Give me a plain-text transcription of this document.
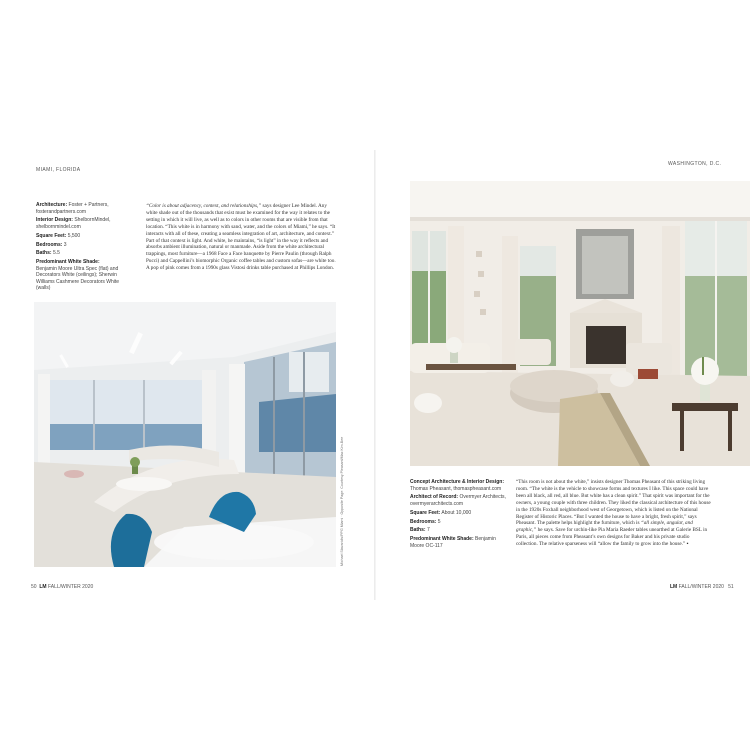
MIAMI, FLORIDA
Architecture: Foster + Partners, fosterandpartners.com
Interior Design: ShelbornMindel, shelbornmindel.com
Square Feet: 5,500
Bedrooms: 3
Baths: 5.5
Predominant White Shade: Benjamin Moore Ultra Spec (flat) and Decorators White (ceilings); Sherwin Williams Cashmere Decorators White (walls)
“Color is about adjacency, context, and relationships,” says designer Lee Mindel. Any white shade out of the thousands that exist must be examined for the way it relates to the setting in which it will live, as well as to colors in other rooms that are visible from that location. “This white is in harmony with sand, water, and the colors of Miami,” he says. “It interacts with all of these, creating a seamless integration of art, architecture, and context.” Part of that context is light. And white, he maintains, “is light” in the way it reflects and absorbs ambient illumination, natural or manmade. Aside from the white architectural trappings, most furniture—a 1968 Face a Face banquette by Pierre Paulin (through Ralph Pucci) and Cappellini’s biomorphic Organic coffee tables and custom sofas—are white too. A pop of pink comes from a 1990s glass Vistosi drinks table purchased at Phillips London.
Michael Stavaridis/PPG Miami · Opposite Page: Courtesy Pleasant/Max Kim-Bee
50 LM FALL/WINTER 2020
WASHINGTON, D.C.
Concept Architecture & Interior Design: Thomas Pheasant, thomaspheasant.com
Architect of Record: Overmyer Architects, overmyerarchitects.com
Square Feet: About 10,000
Bedrooms: 5
Baths: 7
Predominant White Shade: Benjamin Moore OC-117
“This room is not about the white,” insists designer Thomas Pheasant of this striking living room. “The white is the vehicle to showcase forms and textures I like. This space could have been all black, all red, all blue. But white has a clean spirit.” That spirit was important for the owners, a young couple with three children. They liked the classical architecture of this house in the 1920s Foxhall neighborhood west of Georgetown, which is listed on the National Register of Historic Places. “But I wanted the house to have a bright, fresh spirit,” says Pheasant. The palette helps highlight the furniture, which is “all simple, angular, and graphic,” he says. Save for urchin-like Pia Maria Raeder tables unearthed at Galerie BSL in Paris, all pieces come from Pheasant’s own designs for Baker and his private studio collection. The relative sparseness will “allow the family to grow into the house.” ▪
LM FALL/WINTER 2020 51
